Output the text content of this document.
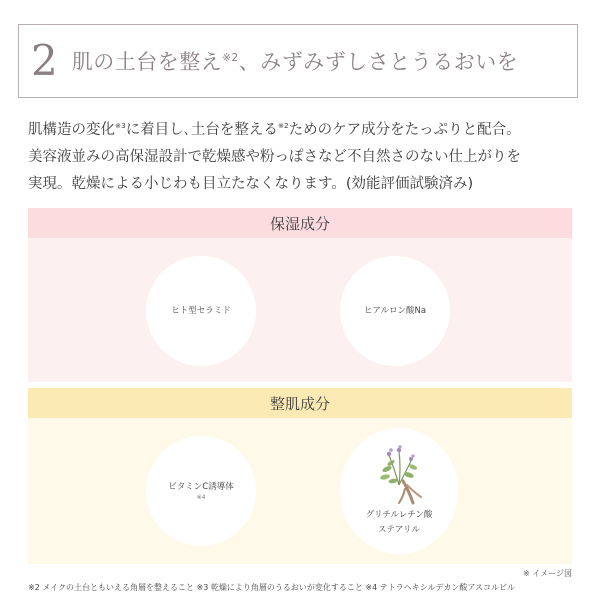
2 肌の土台を整え$^{※2}$、みずみずしさとうるおいを

肌構造の変化$^{※3}$に着目し､土台を整える$^{※2}$ためのケア成分をたっぷりと配合。

美容液並みの高保湿設計で乾燥感や粉っぽさなど不自然さのない仕上がりを

実現。乾燥による小じわも目立たなくなります。(効能評価試験済み)

保湿成分
ヒト型セラミド	ヒアルロン酸Na
整肌成分
ビタミンC誘導体
※4
グリチルレチン酸
ステアリル
※ イメージ図
※2 メイクの土台ともいえる角層を整えること ※3 乾燥により角層のうるおいが変化すること ※4 テトラヘキシルデカン酸アスコルビル
